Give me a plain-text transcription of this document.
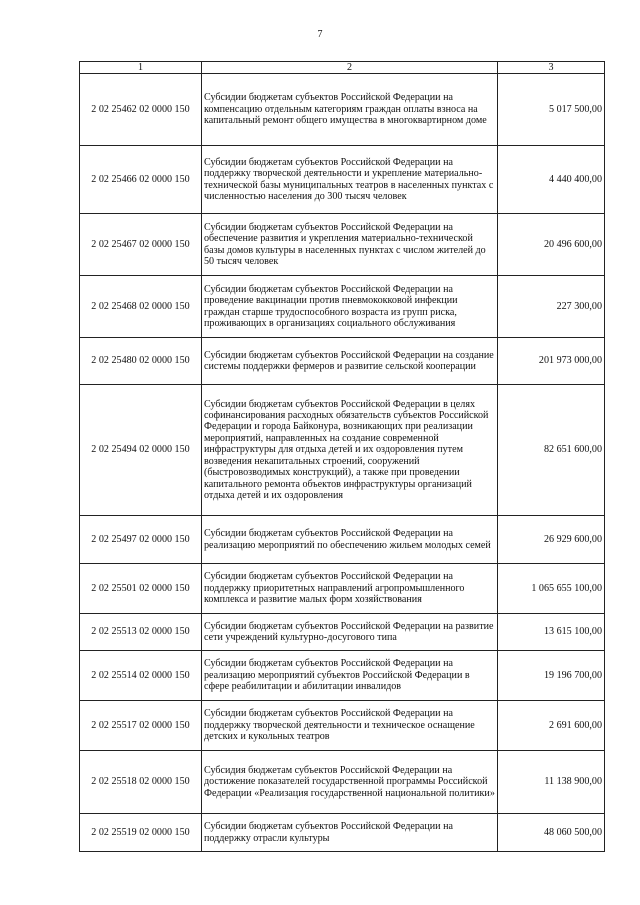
7
1	2	3
2 02 25462 02 0000 150	Субсидии бюджетам субъектов Российской Федерации на компенсацию отдельным категориям граждан оплаты взноса на капитальный ремонт общего имущества в многоквартирном доме	5 017 500,00
2 02 25466 02 0000 150	Субсидии бюджетам субъектов Российской Федерации на поддержку творческой деятельности и укрепление материально-технической базы муниципальных театров в населенных пунктах с численностью населения до 300 тысяч человек	4 440 400,00
2 02 25467 02 0000 150	Субсидии бюджетам субъектов Российской Федерации на обеспечение развития и укрепления материально-технической базы домов культуры в населенных пунктах с числом жителей до 50 тысяч человек	20 496 600,00
2 02 25468 02 0000 150	Субсидии бюджетам субъектов Российской Федерации на проведение вакцинации против пневмококковой инфекции граждан старше трудоспособного возраста из групп риска, проживающих в организациях социального обслуживания	227 300,00
2 02 25480 02 0000 150	Субсидии бюджетам субъектов Российской Федерации на создание системы поддержки фермеров и развитие сельской кооперации	201 973 000,00
2 02 25494 02 0000 150	Субсидии бюджетам субъектов Российской Федерации в целях софинансирования расходных обязательств субъектов Российской Федерации и города Байконура, возникающих при реализации мероприятий, направленных на создание современной инфраструктуры для отдыха детей и их оздоровления путем возведения некапитальных строений, сооружений (быстровозводимых конструкций), а также при проведении капитального ремонта объектов инфраструктуры организаций отдыха детей и их оздоровления	82 651 600,00
2 02 25497 02 0000 150	Субсидии бюджетам субъектов Российской Федерации на реализацию мероприятий по обеспечению жильем молодых семей	26 929 600,00
2 02 25501 02 0000 150	Субсидии бюджетам субъектов Российской Федерации на поддержку приоритетных направлений агропромышленного комплекса и развитие малых форм хозяйствования	1 065 655 100,00
2 02 25513 02 0000 150	Субсидии бюджетам субъектов Российской Федерации на развитие сети учреждений культурно-досугового типа	13 615 100,00
2 02 25514 02 0000 150	Субсидии бюджетам субъектов Российской Федерации на реализацию мероприятий субъектов Российской Федерации в сфере реабилитации и абилитации инвалидов	19 196 700,00
2 02 25517 02 0000 150	Субсидии бюджетам субъектов Российской Федерации на поддержку творческой деятельности и техническое оснащение детских и кукольных театров	2 691 600,00
2 02 25518 02 0000 150	Субсидия бюджетам субъектов Российской Федерации на достижение показателей государственной программы Российской Федерации «Реализация государственной национальной политики»	11 138 900,00
2 02 25519 02 0000 150	Субсидии бюджетам субъектов Российской Федерации на поддержку отрасли культуры	48 060 500,00
